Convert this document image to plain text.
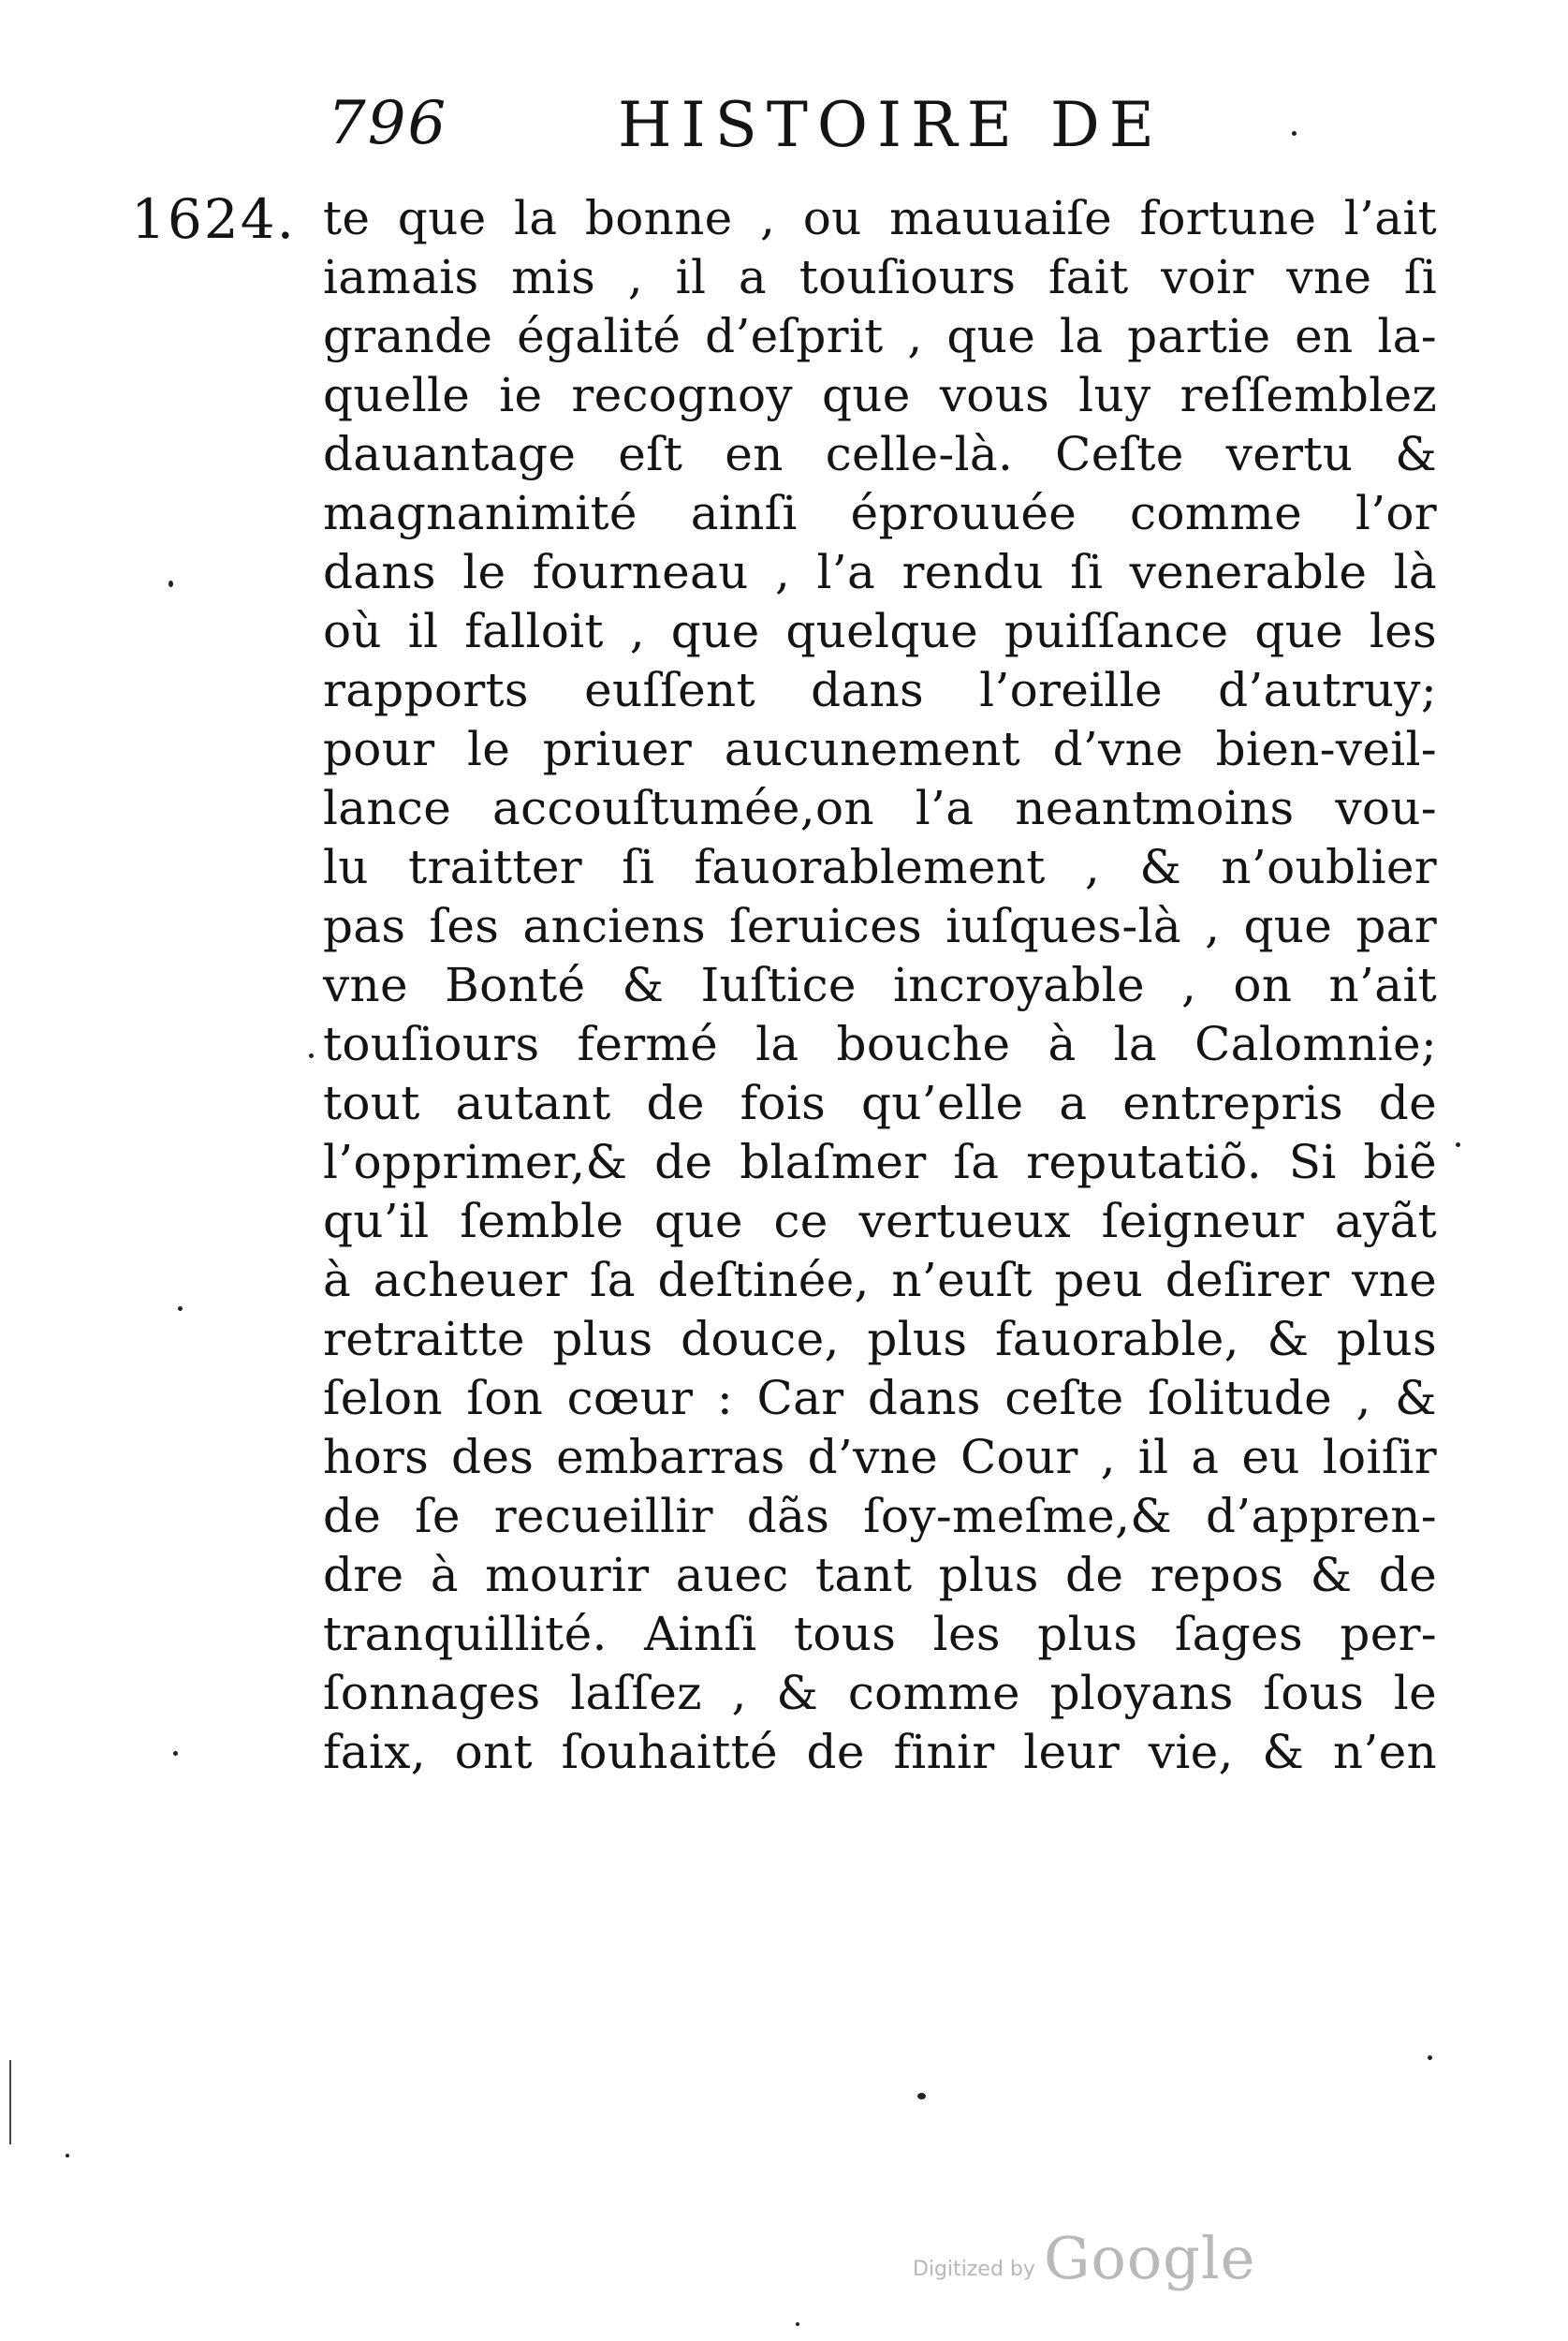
796	HISTOIRE DE
1624. te que la bonne , ou mauuaiſe fortune l’ait
iamais mis , il a touſiours fait voir vne ſi
grande égalité d’eſprit , que la partie en la-
quelle ie recognoy que vous luy reſſemblez
dauantage eſt en celle-là. Ceſte vertu &
magnanimité ainſi éprouuée comme l’or
dans le fourneau , l’a rendu ſi venerable là
où il falloit , que quelque puiſſance que les
rapports euſſent dans l’oreille d’autruy;
pour le priuer aucunement d’vne bien-veil-
lance accouſtumée,on l’a neantmoins vou-
lu traitter ſi fauorablement , & n’oublier
pas ſes anciens ſeruices iuſques-là , que par
vne Bonté & Iuſtice incroyable , on n’ait
touſiours fermé la bouche à la Calomnie;
tout autant de fois qu’elle a entrepris de
l’opprimer,& de blaſmer ſa reputatiõ. Si biẽ
qu’il ſemble que ce vertueux ſeigneur ayãt
à acheuer ſa deſtinée, n’euſt peu deſirer vne
retraitte plus douce, plus fauorable, & plus
ſelon ſon cœur : Car dans ceſte ſolitude , &
hors des embarras d’vne Cour , il a eu loiſir
de ſe recueillir dãs ſoy-meſme,& d’appren-
dre à mourir auec tant plus de repos & de
tranquillité. Ainſi tous les plus ſages per-
ſonnages laſſez , & comme ployans ſous le
faix, ont ſouhaitté de finir leur vie, & n’en
Digitized by Google
